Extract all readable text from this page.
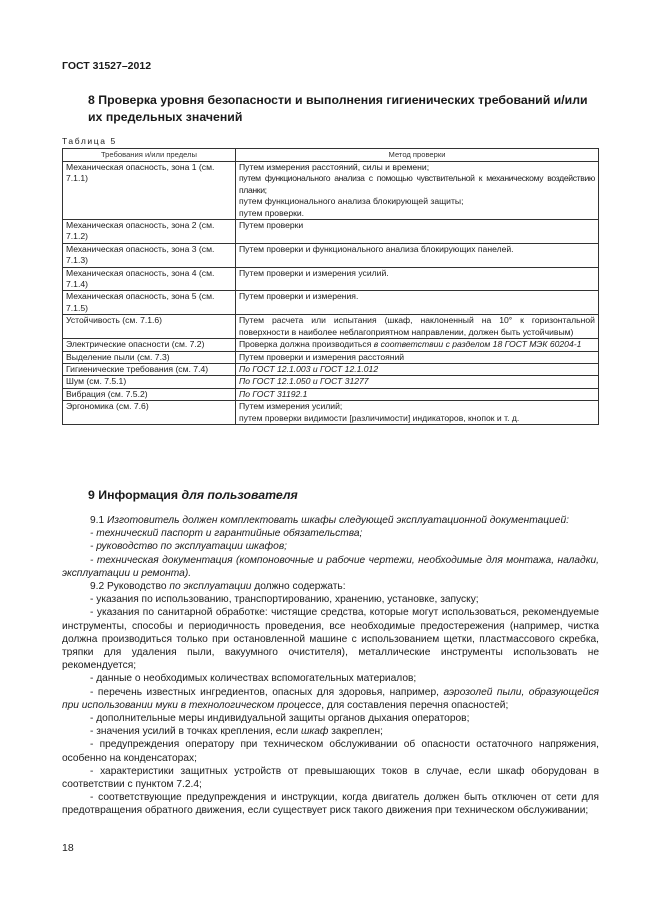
ГОСТ 31527–2012
8 Проверка уровня безопасности и выполнения гигиенических требований и/или их предельных значений
Таблица 5
Требования и/или пределы	Метод проверки
Механическая опасность, зона 1 (см. 7.1.1)	Путем измерения расстояний, силы и времени;
путем функционального анализа с помощью чувствительной к механическому воздействию планки;
путем функционального анализа блокирующей защиты;
путем проверки.

Механическая опасность, зона 2 (см. 7.1.2)	Путем проверки
Механическая опасность, зона 3 (см. 7.1.3)	Путем проверки и функционального анализа блокирующих панелей.
Механическая опасность, зона 4 (см. 7.1.4)	Путем проверки и измерения усилий.
Механическая опасность, зона 5 (см. 7.1.5)	Путем проверки и измерения.
Устойчивость (см. 7.1.6)	Путем расчета или испытания (шкаф, наклоненный на 10° к горизонтальной поверхности в наиболее неблагоприятном направлении, должен быть устойчивым)
Электрические опасности (см. 7.2)	Проверка должна производиться в соответствии с разделом 18 ГОСТ МЭК 60204-1
Выделение пыли (см. 7.3)	Путем проверки и измерения расстояний
Гигиенические требования (см. 7.4)	По ГОСТ 12.1.003 и ГОСТ 12.1.012
Шум (см. 7.5.1)	По ГОСТ 12.1.050 и ГОСТ 31277
Вибрация (см. 7.5.2)	По ГОСТ 31192.1
Эргономика (см. 7.6)	Путем измерения усилий;
путем проверки видимости [различимости] индикаторов, кнопок и т. д.
9 Информация для пользователя

9.1 Изготовитель должен комплектовать шкафы следующей эксплуатационной документацией:

- технический паспорт и гарантийные обязательства;

- руководство по эксплуатации шкафов;

- техническая документация (компоновочные и рабочие чертежи, необходимые для монтажа, наладки, эксплуатации и ремонта).

9.2 Руководство по эксплуатации должно содержать:

- указания по использованию, транспортированию, хранению, установке, запуску;

- указания по санитарной обработке: чистящие средства, которые могут использоваться, рекомендуемые инструменты, способы и периодичность проведения, все необходимые предостережения (например, чистка должна производиться только при остановленной машине с использованием щетки, пластмассового скребка, тряпки для удаления пыли, вакуумного очистителя), металлические инструменты использовать не рекомендуется;

- данные о необходимых количествах вспомогательных материалов;

- перечень известных ингредиентов, опасных для здоровья, например, аэрозолей пыли, образующейся при использовании муки в технологическом процессе, для составления перечня опасностей;

- дополнительные меры индивидуальной защиты органов дыхания операторов;

- значения усилий в точках крепления, если шкаф закреплен;

- предупреждения оператору при техническом обслуживании об опасности остаточного напряжения, особенно на конденсаторах;

- характеристики защитных устройств от превышающих токов в случае, если шкаф оборудован в соответствии с пунктом 7.2.4;

- соответствующие предупреждения и инструкции, когда двигатель должен быть отключен от сети для предотвращения обратного движения, если существует риск такого движения при техническом обслуживании;

18
